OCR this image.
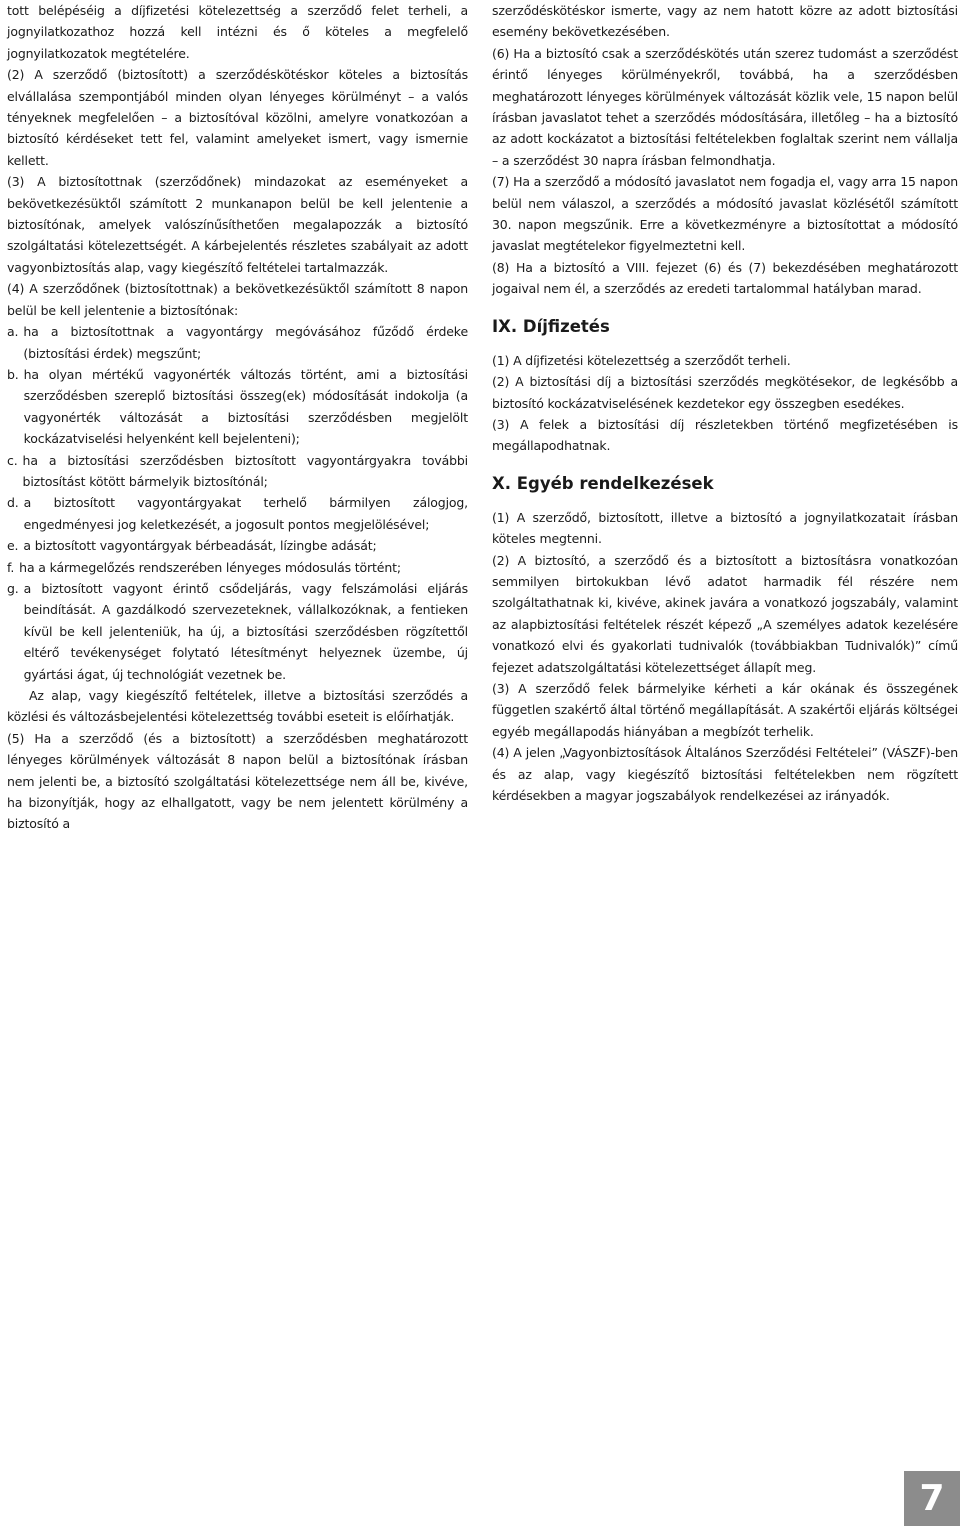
tott belépéséig a díjfizetési kötelezettség a szerződő felet terheli, a jognyilatkozathoz hozzá kell intézni és ő köteles a megfelelő jognyilatkozatok megtételére.

(2) A szerződő (biztosított) a szerződéskötéskor köteles a biztosítás elvállalása szempontjából minden olyan lényeges körülményt – a valós tényeknek megfelelően – a biztosítóval közölni, amelyre vonatkozóan a biztosító kérdéseket tett fel, valamint amelyeket ismert, vagy ismernie kellett.

(3) A biztosítottnak (szerződőnek) mindazokat az eseményeket a bekövetkezésüktől számított 2 munkanapon belül be kell jelentenie a biztosítónak, amelyek valószínűsíthetően megalapozzák a biztosító szolgáltatási kötelezettségét. A kárbejelentés részletes szabályait az adott vagyonbiztosítás alap, vagy kiegészítő feltételei tartalmazzák.

(4) A szerződőnek (biztosítottnak) a bekövetkezésüktől számított 8 napon belül be kell jelentenie a biztosítónak:

a. ha a biztosítottnak a vagyontárgy megóvásához fűződő érdeke (biztosítási érdek) megszűnt;
b. ha olyan mértékű vagyonérték változás történt, ami a biztosítási szerződésben szereplő biztosítási összeg(ek) módosítását indokolja (a vagyonérték változását a biztosítási szerződésben megjelölt kockázatviselési helyenként kell bejelenteni);
c. ha a biztosítási szerződésben biztosított vagyontárgyakra további biztosítást kötött bármelyik biztosítónál;
d. a biztosított vagyontárgyakat terhelő bármilyen zálogjog, engedményesi jog keletkezését, a jogosult pontos megjelölésével;
e. a biztosított vagyontárgyak bérbeadását, lízingbe adását;
f. ha a kármegelőzés rendszerében lényeges módosulás történt;
g. a biztosított vagyont érintő csődeljárás, vagy felszámolási eljárás beindítását. A gazdálkodó szervezeteknek, vállalkozóknak, a fentieken kívül be kell jelenteniük, ha új, a biztosítási szerződésben rögzítettől eltérő tevékenységet folytató létesítményt helyeznek üzembe, új gyártási ágat, új technológiát vezetnek be.

Az alap, vagy kiegészítő feltételek, illetve a biztosítási szerződés a közlési és változásbejelentési kötelezettség további eseteit is előírhatják.

(5) Ha a szerződő (és a biztosított) a szerződésben meghatározott lényeges körülmények változását 8 napon belül a biztosítónak írásban nem jelenti be, a biztosító szolgáltatási kötelezettsége nem áll be, kivéve, ha bizonyítják, hogy az elhallgatott, vagy be nem jelentett körülmény a biztosító a

szerződéskötéskor ismerte, vagy az nem hatott közre az adott biztosítási esemény bekövetkezésében.

(6) Ha a biztosító csak a szerződéskötés után szerez tudomást a szerződést érintő lényeges körülményekről, továbbá, ha a szerződésben meghatározott lényeges körülmények változását közlik vele, 15 napon belül írásban javaslatot tehet a szerződés módosítására, illetőleg – ha a biztosító az adott kockázatot a biztosítási feltételekben foglaltak szerint nem vállalja – a szerződést 30 napra írásban felmondhatja.

(7) Ha a szerződő a módosító javaslatot nem fogadja el, vagy arra 15 napon belül nem válaszol, a szerződés a módosító javaslat közlésétől számított 30. napon megszűnik. Erre a következményre a biztosítottat a módosító javaslat megtételekor figyelmeztetni kell.

(8) Ha a biztosító a VIII. fejezet (6) és (7) bekezdésében meghatározott jogaival nem él, a szerződés az eredeti tartalommal hatályban marad.

IX. Díjfizetés

(1) A díjfizetési kötelezettség a szerződőt terheli.

(2) A biztosítási díj a biztosítási szerződés megkötésekor, de legkésőbb a biztosító kockázatviselésének kezdetekor egy összegben esedékes.

(3) A felek a biztosítási díj részletekben történő megfizetésében is megállapodhatnak.

X. Egyéb rendelkezések

(1) A szerződő, biztosított, illetve a biztosító a jognyilatkozatait írásban köteles megtenni.

(2) A biztosító, a szerződő és a biztosított a biztosításra vonatkozóan semmilyen birtokukban lévő adatot harmadik fél részére nem szolgáltathatnak ki, kivéve, akinek javára a vonatkozó jogszabály, valamint az alapbiztosítási feltételek részét képező „A személyes adatok kezelésére vonatkozó elvi és gyakorlati tudnivalók (továbbiakban Tudnivalók)” című fejezet adatszolgáltatási kötelezettséget állapít meg.

(3) A szerződő felek bármelyike kérheti a kár okának és összegének független szakértő által történő megállapítását. A szakértői eljárás költségei egyéb megállapodás hiányában a megbízót terhelik.

(4) A jelen „Vagyonbiztosítások Általános Szerződési Feltételei” (VÁSZF)-ben és az alap, vagy kiegészítő biztosítási feltételekben nem rögzített kérdésekben a magyar jogszabályok rendelkezései az irányadók.

7
